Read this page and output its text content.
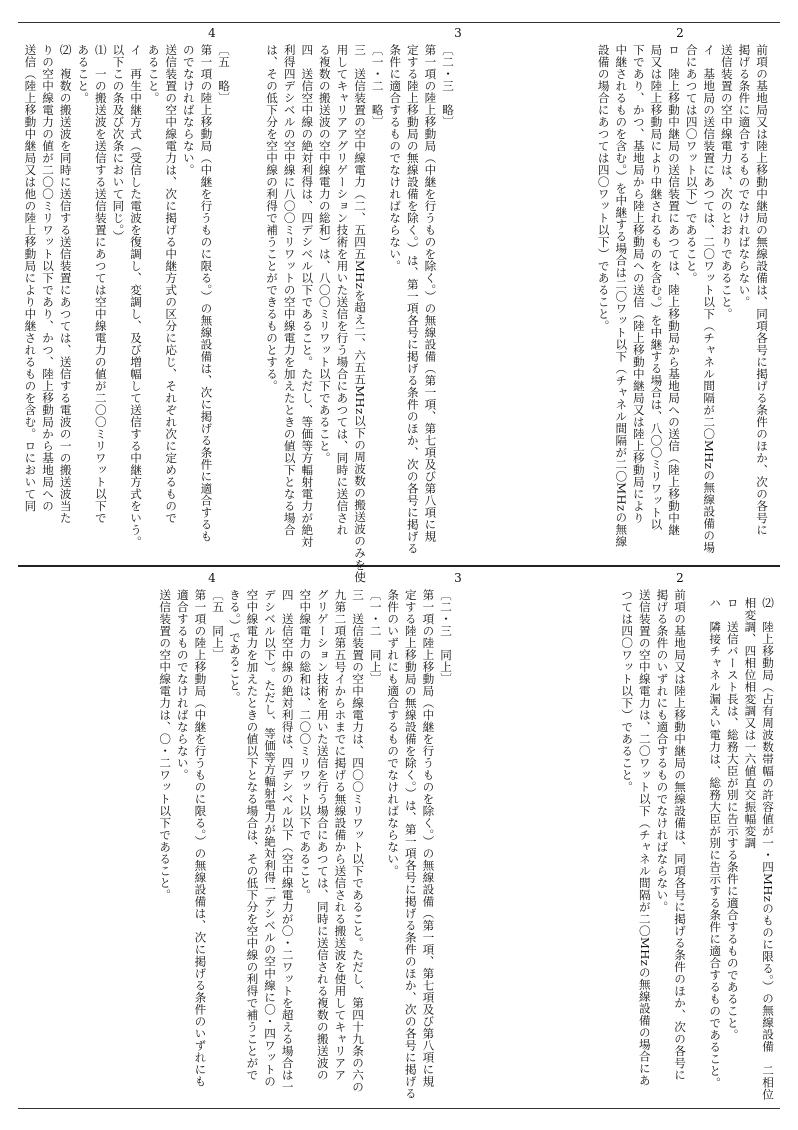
2
前項の基地局又は陸上移動中継局の無線設備は、同項各号に掲げる条件のほか、次の各号に
掲げる条件に適合するものでなければならない。
送信装置の空中線電力は、次のとおりであること。
イ　基地局の送信装置にあつては、二〇ワット以下（チャネル間隔が二〇MHzの無線設備の場
合にあつては四〇ワット以下）であること。
ロ　陸上移動中継局の送信装置にあつては、陸上移動局から基地局への送信（陸上移動中継
局又は陸上移動局により中継されるものを含む。）を中継する場合は、八〇〇ミリワット以
下であり、かつ、基地局から陸上移動局への送信（陸上移動中継局又は陸上移動局により
中継されるものを含む。）を中継する場合は二〇ワット以下（チャネル間隔が二〇MHzの無線
設備の場合にあつては四〇ワット以下）であること。
3
〔二・三　略〕
第一項の陸上移動局（中継を行うものを除く。）の無線設備（第一項、第七項及び第八項に規
定する陸上移動局の無線設備を除く。）は、第一項各号に掲げる条件のほか、次の各号に掲げる
条件に適合するものでなければならない。
〔一・二　略〕
三　送信装置の空中線電力（二、五四五MHzを超え二、六五五MHz以下の周波数の搬送波のみを使
用してキャリアアグリゲーション技術を用いた送信を行う場合にあつては、同時に送信され
る複数の搬送波の空中線電力の総和）は、八〇〇ミリワット以下であること。
四　送信空中線の絶対利得は、四デシベル以下であること。ただし、等価等方輻射電力が絶対
利得四デシベルの空中線に八〇〇ミリワットの空中線電力を加えたときの値以下となる場合
は、その低下分を空中線の利得で補うことができるものとする。
4
〔五　略〕
第一項の陸上移動局（中継を行うものに限る。）の無線設備は、次に掲げる条件に適合するも
のでなければならない。
送信装置の空中線電力は、次に掲げる中継方式の区分に応じ、それぞれ次に定めるもので
あること。
イ　再生中継方式（受信した電波を復調し、変調し、及び増幅して送信する中継方式をいう。
以下この条及び次条において同じ。）
⑴　一の搬送波を送信する送信装置にあつては空中線電力の値が二〇〇ミリワット以下で
あること。
⑵　複数の搬送波を同時に送信する送信装置にあつては、送信する電波の一の搬送波当た
りの空中線電力の値が二〇〇ミリワット以下であり、かつ、陸上移動局から基地局への
送信（陸上移動中継局又は他の陸上移動局により中継されるものを含む。ロにおいて同
⑵　陸上移動局（占有周波数帯幅の許容値が一・四MHzのものに限る。）の無線設備　二相位
相変調、四相位相変調又は一六値直交振幅変調
ロ　送信バースト長は、総務大臣が別に告示する条件に適合するものであること。
ハ　隣接チャネル漏えい電力は、総務大臣が別に告示する条件に適合するものであること。
2
前項の基地局又は陸上移動中継局の無線設備は、同項各号に掲げる条件のほか、次の各号に
掲げる条件のいずれにも適合するものでなければならない。
送信装置の空中線電力は、二〇ワット以下（チャネル間隔が二〇MHzの無線設備の場合にあ
つては四〇ワット以下）であること。
3
〔二・三　同上〕
第一項の陸上移動局（中継を行うものを除く。）の無線設備（第一項、第七項及び第八項に規
定する陸上移動局の無線設備を除く。）は、第一項各号に掲げる条件のほか、次の各号に掲げる
条件のいずれにも適合するものでなければならない。
〔一・二　同上〕
三　送信装置の空中線電力は、四〇〇ミリワット以下であること。ただし、第四十九条の六の
九第二項第五号イからホまでに掲げる無線設備から送信される搬送波を使用してキャリアア
グリゲーション技術を用いた送信を行う場合にあつては、同時に送信される複数の搬送波の
空中線電力の総和は、二〇〇ミリワット以下であること。
四　送信空中線の絶対利得は、四デシベル以下（空中線電力が〇・二ワットを超える場合は一
デシベル以下）。ただし、等価等方輻射電力が絶対利得一デシベルの空中線に〇・四ワットの
空中線電力を加えたときの値以下となる場合は、その低下分を空中線の利得で補うことがで
きる。）であること。
4
〔五　同上〕
第一項の陸上移動局（中継を行うものに限る。）の無線設備は、次に掲げる条件のいずれにも
適合するものでなければならない。
送信装置の空中線電力は、〇・二ワット以下であること。
